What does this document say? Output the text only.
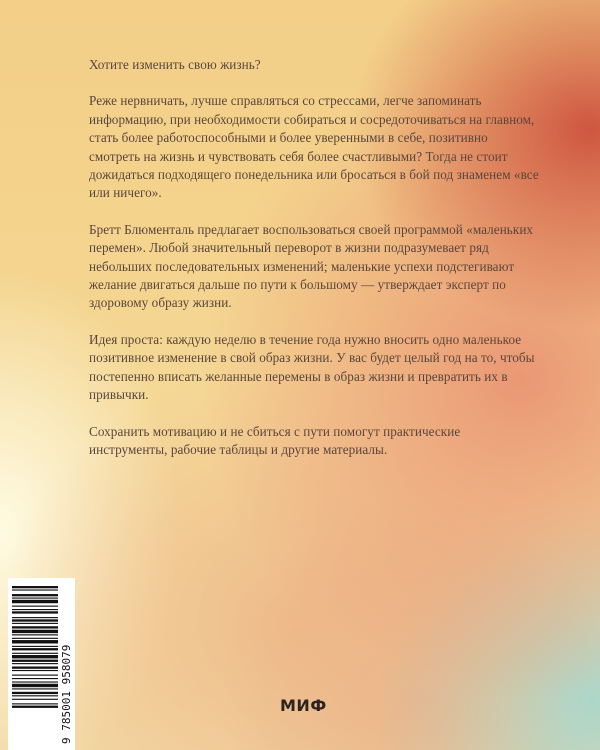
Хотите изменить свою жизнь?

Реже нервничать, лучше справляться со стрессами, легче запоминать информацию, при необходимости собираться и сосредоточиваться на главном, стать более работоспособными и более уверенными в себе, позитивно смотреть на жизнь и чувствовать себя более счастливыми? Тогда не стоит дожидаться подходящего понедельника или бросаться в бой под знаменем «все или ничего».

Бретт Блюменталь предлагает воспользоваться своей программой «маленьких перемен». Любой значительный переворот в жизни подразумевает ряд небольших последовательных изменений; маленькие успехи подстегивают желание двигаться дальше по пути к большому — утверждает эксперт по здоровому образу жизни.

Идея проста: каждую неделю в течение года нужно вносить одно маленькое позитивное изменение в свой образ жизни. У вас будет целый год на то, чтобы постепенно вписать желанные перемены в образ жизни и превратить их в привычки.

Сохранить мотивацию и не сбиться с пути помогут практические инструменты, рабочие таблицы и другие материалы.

9 785001 958079	МИФ
